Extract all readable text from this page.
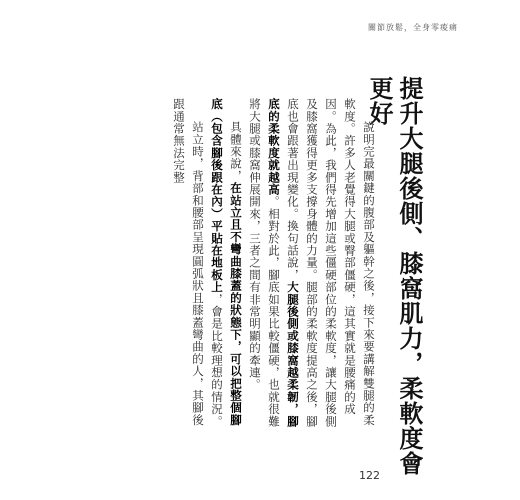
關節放鬆，全身零痠痛
提升大腿後側、膝窩肌力，柔軟度會更好

說明完最關鍵的腹部及軀幹之後，接下來要講解雙腿的柔軟度。許多人老覺得大腿或臀部僵硬，這其實就是腰痛的成因。為此，我們得先增加這些僵硬部位的柔軟度，讓大腿後側及膝窩獲得更多支撐身體的力量。腿部的柔軟度提高之後，腳底也會跟著出現變化。換句話說，大腿後側或膝窩越柔韌，腳底的柔軟度就越高。相對於此，腳底如果比較僵硬，也就很難將大腿或膝窩伸展開來，三者之間有非常明顯的牽連。

具體來說，在站立且不彎曲膝蓋的狀態下，可以把整個腳底（包含腳後跟在內）平貼在地板上，會是比較理想的情況。

站立時，背部和腰部呈現圓弧狀且膝蓋彎曲的人，其腳後跟通常無法完整

122
